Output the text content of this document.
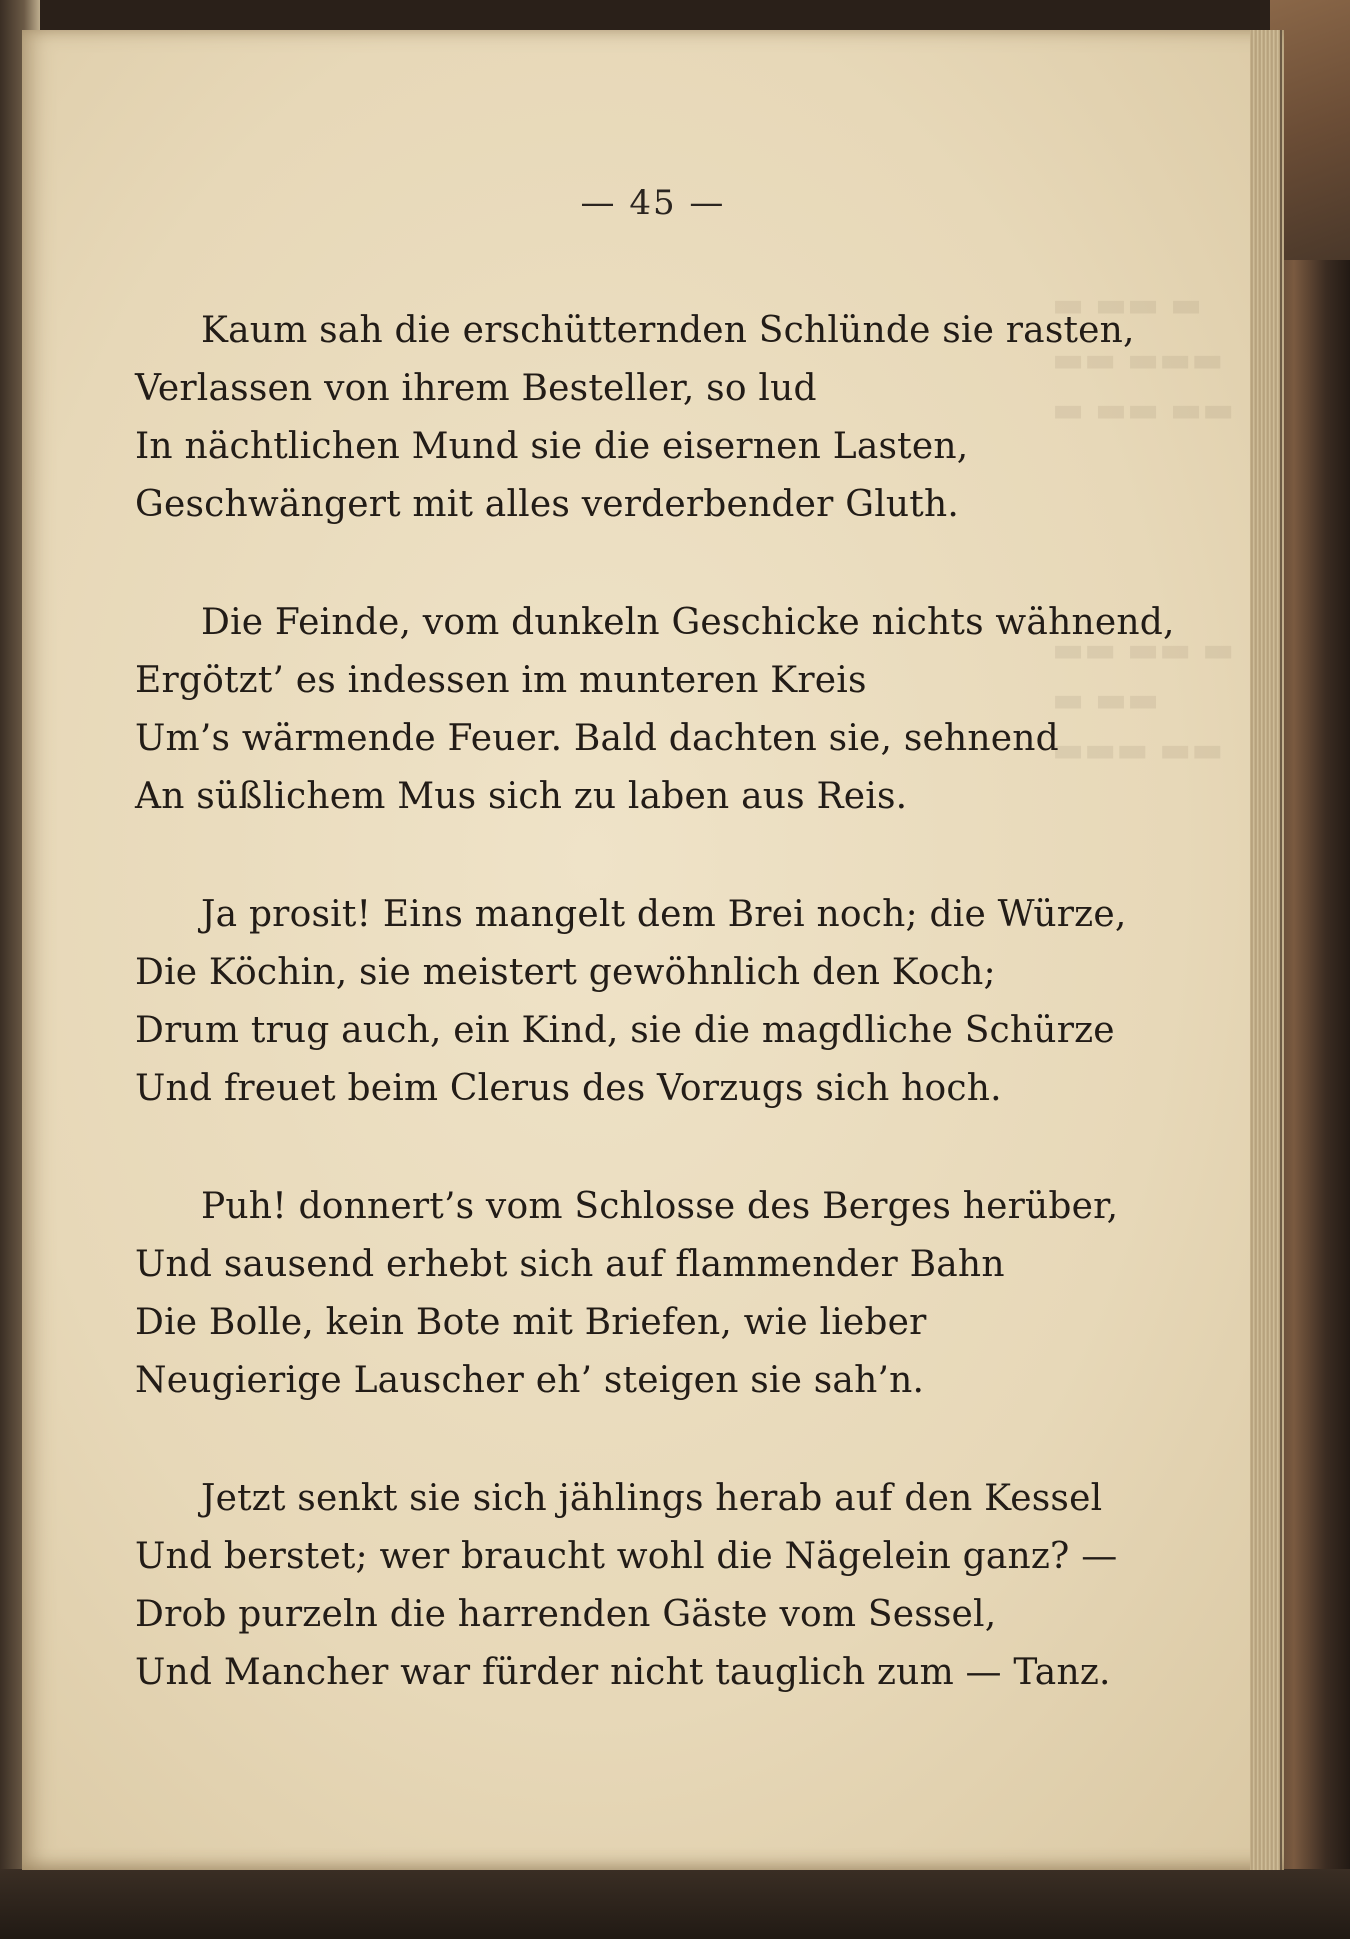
▬ ▬▬ ▬
▬▬ ▬▬▬
▬ ▬▬ ▬▬
▬▬ ▬▬ ▬
▬ ▬▬
▬▬▬ ▬▬
— 45 —
Kaum sah die erschütternden Schlünde sie rasten,
Verlassen von ihrem Besteller, so lud
In nächtlichen Mund sie die eisernen Lasten,
Geschwängert mit alles verderbender Gluth.
Die Feinde, vom dunkeln Geschicke nichts wähnend,
Ergötzt’ es indessen im munteren Kreis
Um’s wärmende Feuer. Bald dachten sie, sehnend
An süßlichem Mus sich zu laben aus Reis.
Ja prosit! Eins mangelt dem Brei noch; die Würze,
Die Köchin, sie meistert gewöhnlich den Koch;
Drum trug auch, ein Kind, sie die magdliche Schürze
Und freuet beim Clerus des Vorzugs sich hoch.
Puh! donnert’s vom Schlosse des Berges herüber,
Und sausend erhebt sich auf flammender Bahn
Die Bolle, kein Bote mit Briefen, wie lieber
Neugierige Lauscher eh’ steigen sie sah’n.
Jetzt senkt sie sich jählings herab auf den Kessel
Und berstet; wer braucht wohl die Nägelein ganz? —
Drob purzeln die harrenden Gäste vom Sessel,
Und Mancher war fürder nicht tauglich zum — Tanz.
